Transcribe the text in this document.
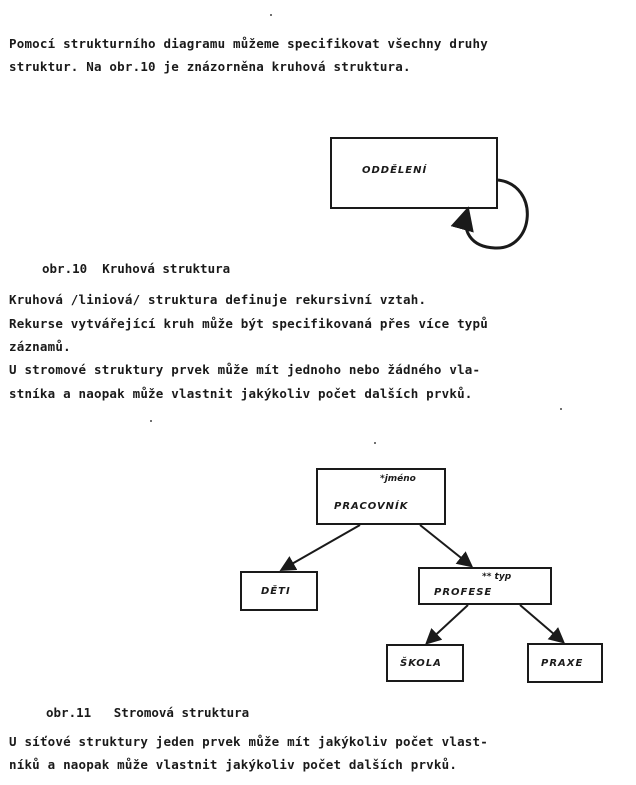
Pomocí strukturního diagramu můžeme specifikovat všechny druhy
struktur. Na obr.10 je znázorněna kruhová struktura.
ODDĚLENÍ
obr.10  Kruhová struktura
Kruhová /liniová/ struktura definuje rekursivní vztah.
Rekurse vytvářející kruh může být specifikovaná přes více typů
záznamů.
U stromové struktury prvek může mít jednoho nebo žádného vla-
stníka a naopak může vlastnit jakýkoliv počet dalších prvků.
*jméno
PRACOVNÍK
DĚTI
** typ
PROFESE
ŠKOLA	PRAXE
obr.11   Stromová struktura
U síťové struktury jeden prvek může mít jakýkoliv počet vlast-
níků a naopak může vlastnit jakýkoliv počet dalších prvků.
